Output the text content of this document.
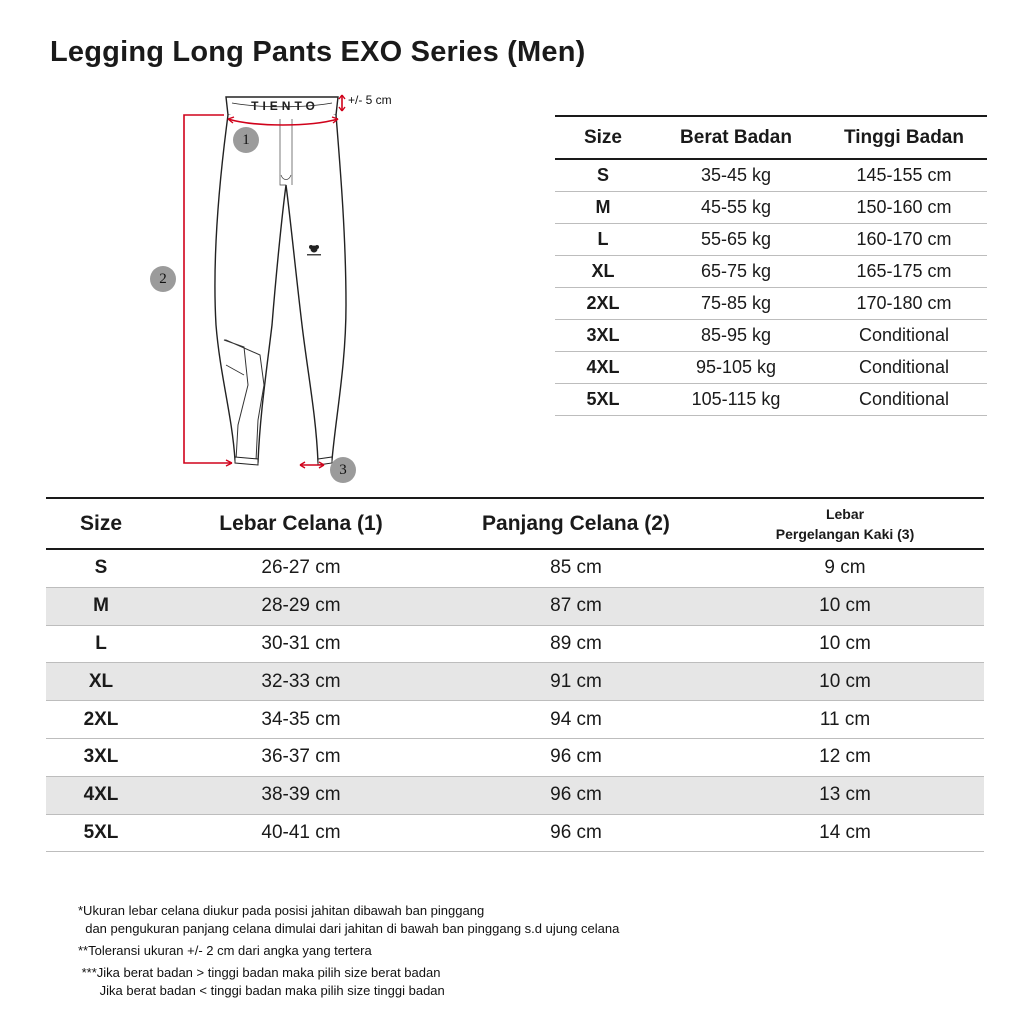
Legging Long Pants EXO Series (Men)
TIENTO	+/- 5 cm
1
2
3
Size	Berat Badan	Tinggi Badan
S	35-45 kg	145-155 cm
M	45-55 kg	150-160 cm
L	55-65 kg	160-170 cm
XL	65-75 kg	165-175 cm
2XL	75-85 kg	170-180 cm
3XL	85-95 kg	Conditional
4XL	95-105 kg	Conditional
5XL	105-115 kg	Conditional
Size	Lebar Celana (1)	Panjang Celana (2)	Lebar
Pergelangan Kaki (3)
S	26-27 cm	85 cm	9 cm
M	28-29 cm	87 cm	10 cm
L	30-31 cm	89 cm	10 cm
XL	32-33 cm	91 cm	10 cm
2XL	34-35 cm	94 cm	11 cm
3XL	36-37 cm	96 cm	12 cm
4XL	38-39 cm	96 cm	13 cm
5XL	40-41 cm	96 cm	14 cm
*Ukuran lebar celana diukur pada posisi jahitan dibawah ban pinggang
dan pengukuran panjang celana dimulai dari jahitan di bawah ban pinggang s.d ujung celana
**Toleransi ukuran +/- 2 cm dari angka yang tertera
***Jika berat badan > tinggi badan maka pilih size berat badan
Jika berat badan < tinggi badan maka pilih size tinggi badan
